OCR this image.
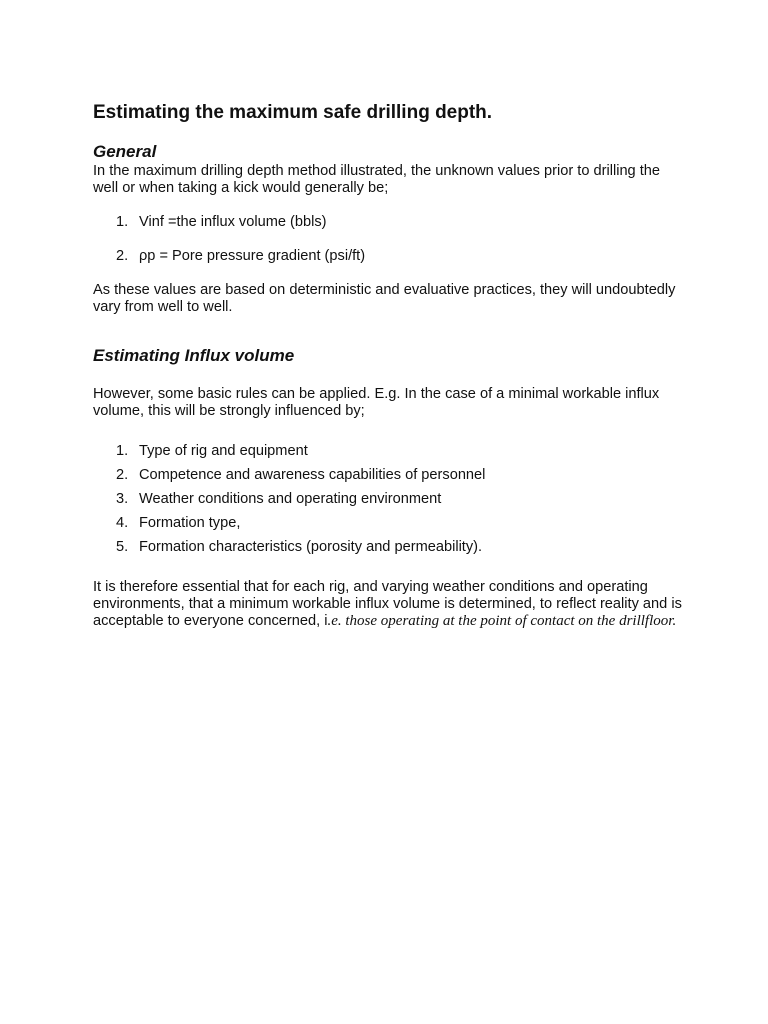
Estimating the maximum safe drilling depth.
General

In the maximum drilling depth method illustrated, the unknown values prior to drilling the well or when taking a kick would generally be;

1. Vinf =the influx volume (bbls)
2. ρp = Pore pressure gradient (psi/ft)

As these values are based on deterministic and evaluative practices, they will undoubtedly vary from well to well.

Estimating Influx volume

However, some basic rules can be applied. E.g. In the case of a minimal workable influx volume, this will be strongly influenced by;

1. Type of rig and equipment
2. Competence and awareness capabilities of personnel
3. Weather conditions and operating environment
4. Formation type,
5. Formation characteristics (porosity and permeability).

It is therefore essential that for each rig, and varying weather conditions and operating environments, that a minimum workable influx volume is determined, to reflect reality and is acceptable to everyone concerned, i.e. those operating at the point of contact on the drillfloor.
